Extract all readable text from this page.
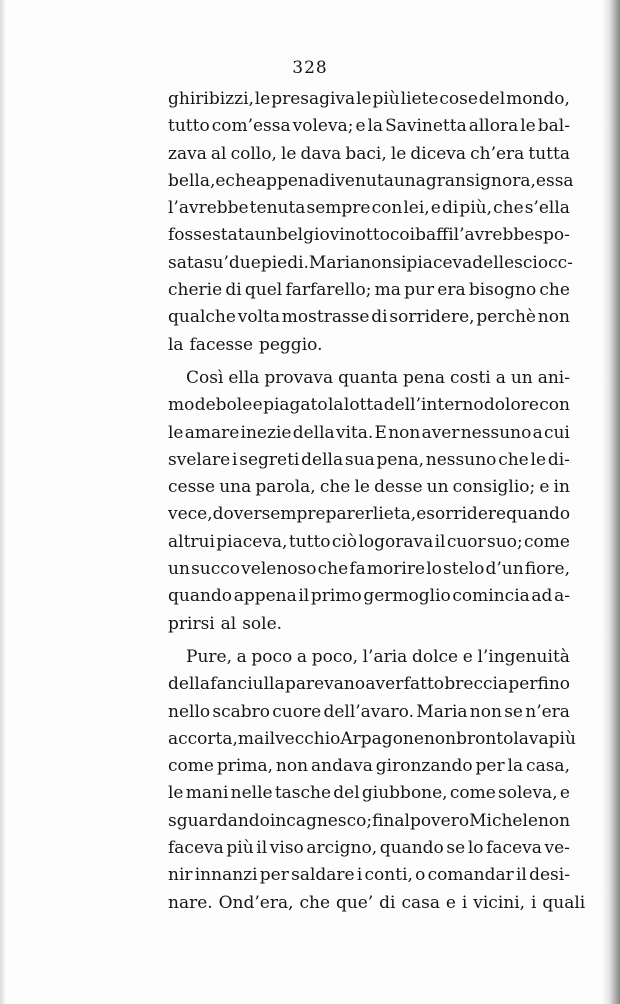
328
ghiribizzi, le presagiva le più liete cose del mondo,
tutto com’essa voleva; e la Savinetta allora le bal-
zava al collo, le dava baci, le diceva ch’era tutta
bella, e che appena divenuta una gran signora, essa
l’avrebbe tenuta sempre con lei, e di più, che s’ella
fosse stata un bel giovinotto coi baffi l’avrebbe spo-
sata su’ due piedi. Maria non si piaceva delle sciocc-
cherie di quel farfarello; ma pur era bisogno che
qualche volta mostrasse di sorridere, perchè non
la facesse peggio.
Così ella provava quanta pena costi a un ani-
mo debole e piagato la lotta dell’interno dolore con
le amare inezie della vita. E non aver nessuno a cui
svelare i segreti della sua pena, nessuno che le di-
cesse una parola, che le desse un consiglio; e in
vece, dover sempre parer lieta, e sorridere quando
altrui piaceva, tutto ciò logorava il cuor suo; come
un succo velenoso che fa morire lo stelo d’un fiore,
quando appena il primo germoglio comincia ad a-
prirsi al sole.
Pure, a poco a poco, l’aria dolce e l’ingenuità
della fanciulla parevano aver fatto breccia perfino
nello scabro cuore dell’avaro. Maria non se n’era
accorta, ma il vecchio Arpagone non brontolava più
come prima, non andava gironzando per la casa,
le mani nelle tasche del giubbone, come soleva, e
sguardando in cagnesco; fin al povero Michele non
faceva più il viso arcigno, quando se lo faceva ve-
nir innanzi per saldare i conti, o comandar il desi-
nare. Ond’era, che que’ di casa e i vicini, i quali
